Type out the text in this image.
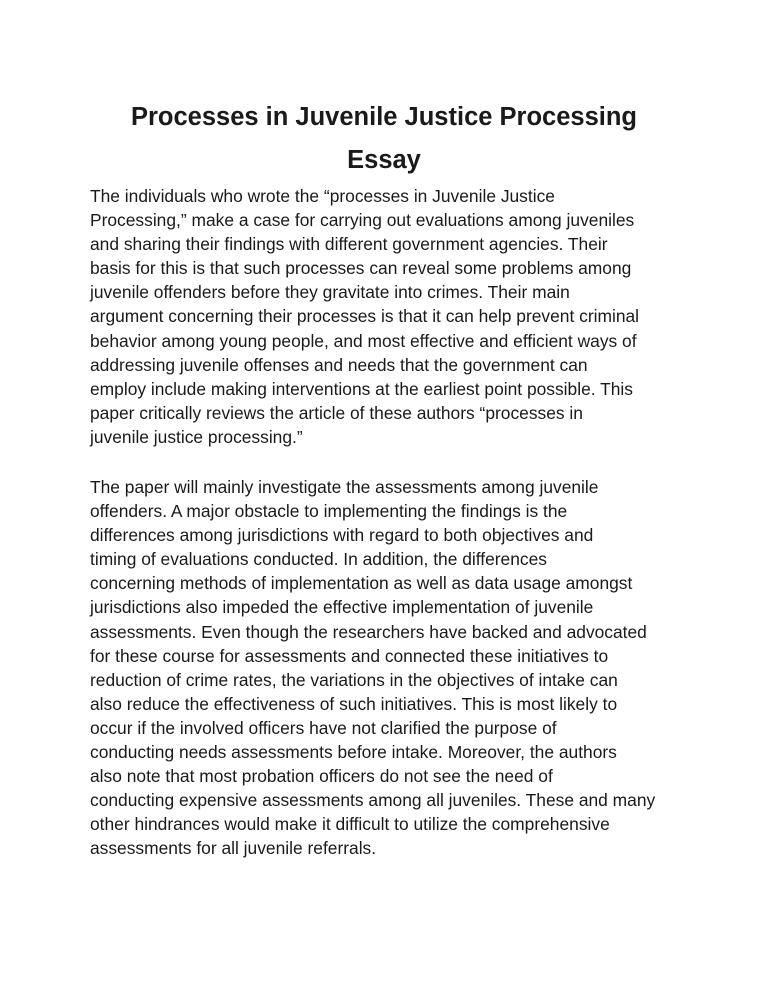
Processes in Juvenile Justice Processing
Essay

The individuals who wrote the “processes in Juvenile Justice
Processing,” make a case for carrying out evaluations among juveniles
and sharing their findings with different government agencies. Their
basis for this is that such processes can reveal some problems among
juvenile offenders before they gravitate into crimes. Their main
argument concerning their processes is that it can help prevent criminal
behavior among young people, and most effective and efficient ways of
addressing juvenile offenses and needs that the government can
employ include making interventions at the earliest point possible. This
paper critically reviews the article of these authors “processes in
juvenile justice processing.”

The paper will mainly investigate the assessments among juvenile
offenders. A major obstacle to implementing the findings is the
differences among jurisdictions with regard to both objectives and
timing of evaluations conducted. In addition, the differences
concerning methods of implementation as well as data usage amongst
jurisdictions also impeded the effective implementation of juvenile
assessments. Even though the researchers have backed and advocated
for these course for assessments and connected these initiatives to
reduction of crime rates, the variations in the objectives of intake can
also reduce the effectiveness of such initiatives. This is most likely to
occur if the involved officers have not clarified the purpose of
conducting needs assessments before intake. Moreover, the authors
also note that most probation officers do not see the need of
conducting expensive assessments among all juveniles. These and many
other hindrances would make it difficult to utilize the comprehensive
assessments for all juvenile referrals.
